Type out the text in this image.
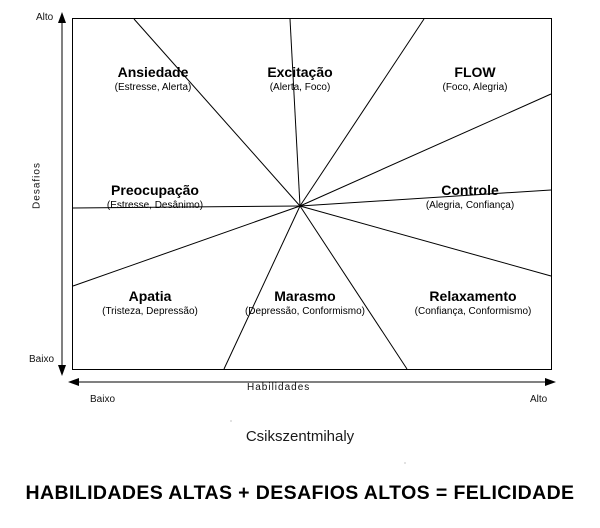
Alto
Baixo
Desafios
Baixo	Alto
Habilidades
Ansiedade
(Estresse, Alerta)
Excitação
(Alerta, Foco)
FLOW
(Foco, Alegria)
Preocupação
(Estresse, Desânimo)
Controle
(Alegria, Confiança)
Apatia
(Tristeza, Depressão)
Marasmo
(Depressão, Conformismo)
Relaxamento
(Confiança, Conformismo)
Csikszentmihaly
HABILIDADES ALTAS + DESAFIOS ALTOS = FELICIDADE
